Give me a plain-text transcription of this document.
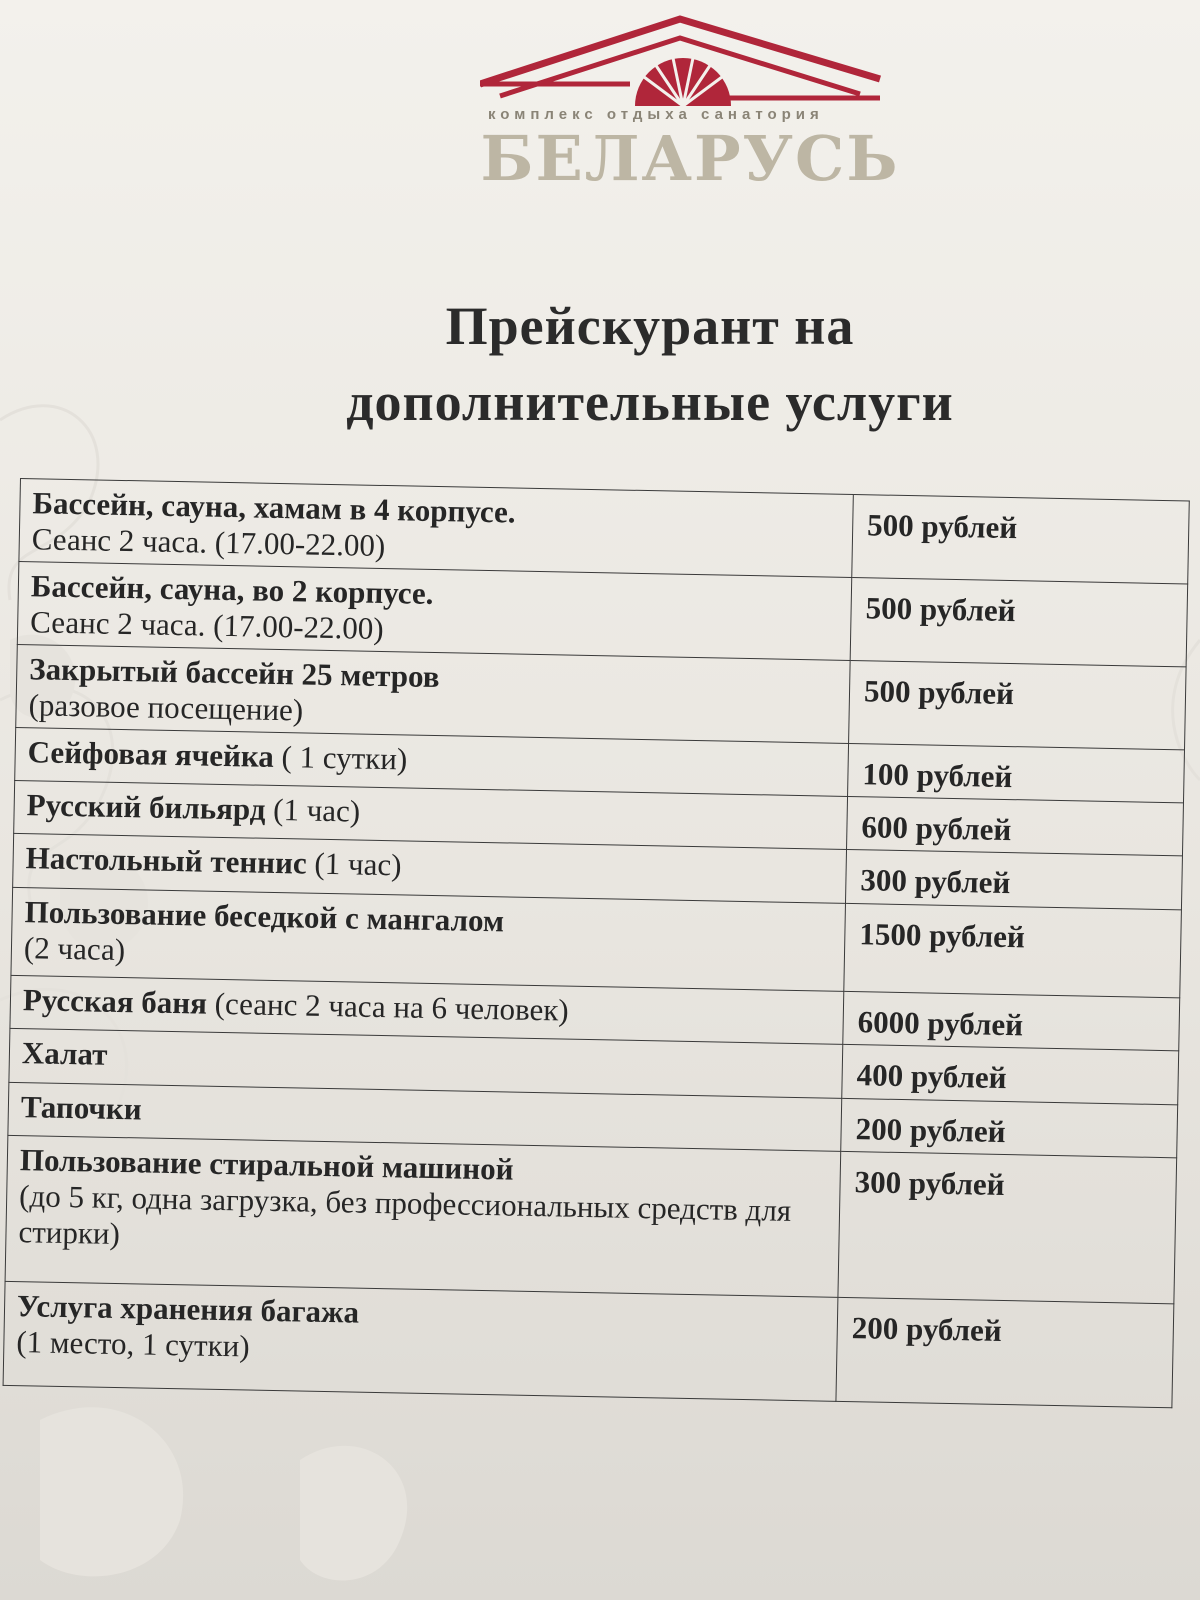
комплекс отдыха санатория
БЕЛАРУСЬ
Прейскурант на
дополнительные услуги
Бассейн, сауна, хамам в 4 корпусе.
Сеанс 2 часа. (17.00-22.00)	500 рублей
Бассейн, сауна, во 2 корпусе.
Сеанс 2 часа. (17.00-22.00)	500 рублей
Закрытый бассейн 25 метров
(разовое посещение)	500 рублей
Сейфовая ячейка ( 1 сутки)	100 рублей
Русский бильярд (1 час)	600 рублей
Настольный теннис (1 час)	300 рублей
Пользование беседкой с мангалом
(2 часа)	1500 рублей
Русская баня (сеанс 2 часа на 6 человек)	6000 рублей
Халат	400 рублей
Тапочки	200 рублей
Пользование стиральной машиной
(до 5 кг, одна загрузка, без профессиональных средств для стирки)	300 рублей
Услуга хранения багажа
(1 место, 1 сутки)	200 рублей
